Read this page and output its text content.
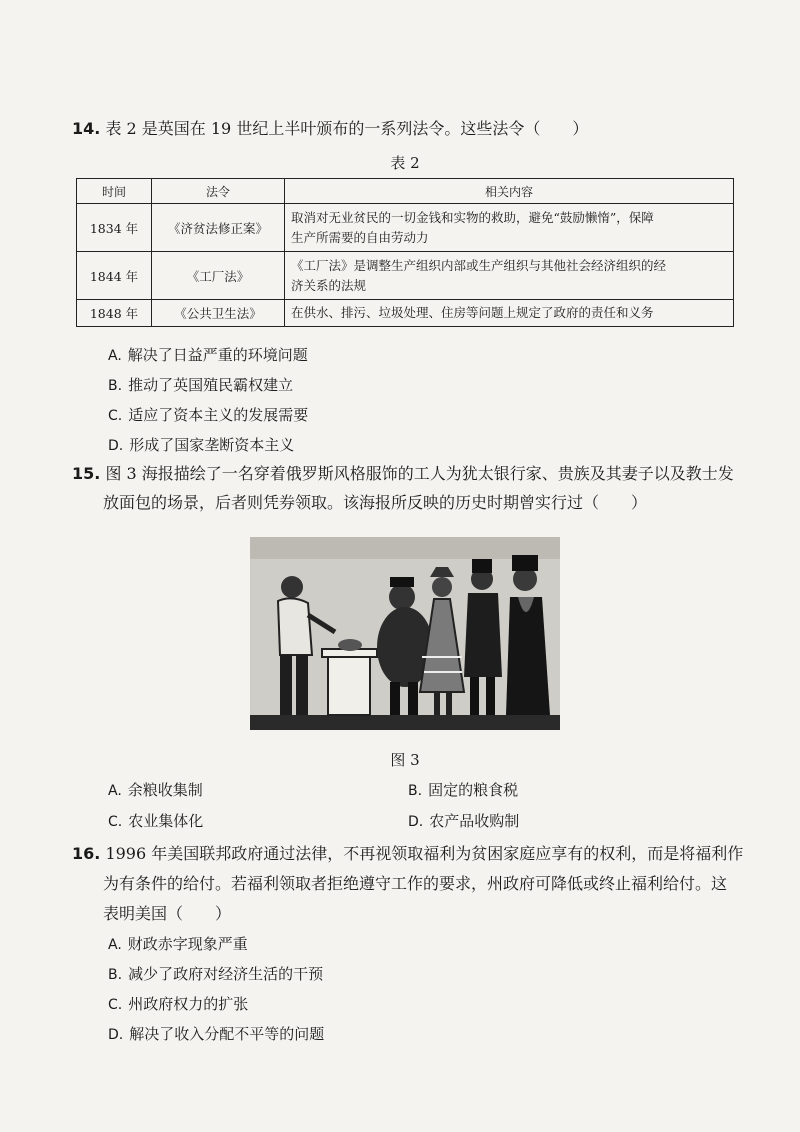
14. 表 2 是英国在 19 世纪上半叶颁布的一系列法令。这些法令（　　）
表 2
时间	法令	相关内容
1834 年	《济贫法修正案》	取消对无业贫民的一切金钱和实物的救助，避免“鼓励懒惰”，保障
生产所需要的自由劳动力

1844 年	《工厂法》	《工厂法》是调整生产组织内部或生产组织与其他社会经济组织的经
济关系的法规

1848 年	《公共卫生法》	在供水、排污、垃圾处理、住房等问题上规定了政府的责任和义务
A. 解决了日益严重的环境问题
B. 推动了英国殖民霸权建立
C. 适应了资本主义的发展需要
D. 形成了国家垄断资本主义
15. 图 3 海报描绘了一名穿着俄罗斯风格服饰的工人为犹太银行家、贵族及其妻子以及教士发
放面包的场景，后者则凭券领取。该海报所反映的历史时期曾实行过（　　）
图 3
A. 余粮收集制	B. 固定的粮食税
C. 农业集体化	D. 农产品收购制
16. 1996 年美国联邦政府通过法律，不再视领取福利为贫困家庭应享有的权利，而是将福利作
为有条件的给付。若福利领取者拒绝遵守工作的要求，州政府可降低或终止福利给付。这
表明美国（　　）
A. 财政赤字现象严重
B. 减少了政府对经济生活的干预
C. 州政府权力的扩张
D. 解决了收入分配不平等的问题
